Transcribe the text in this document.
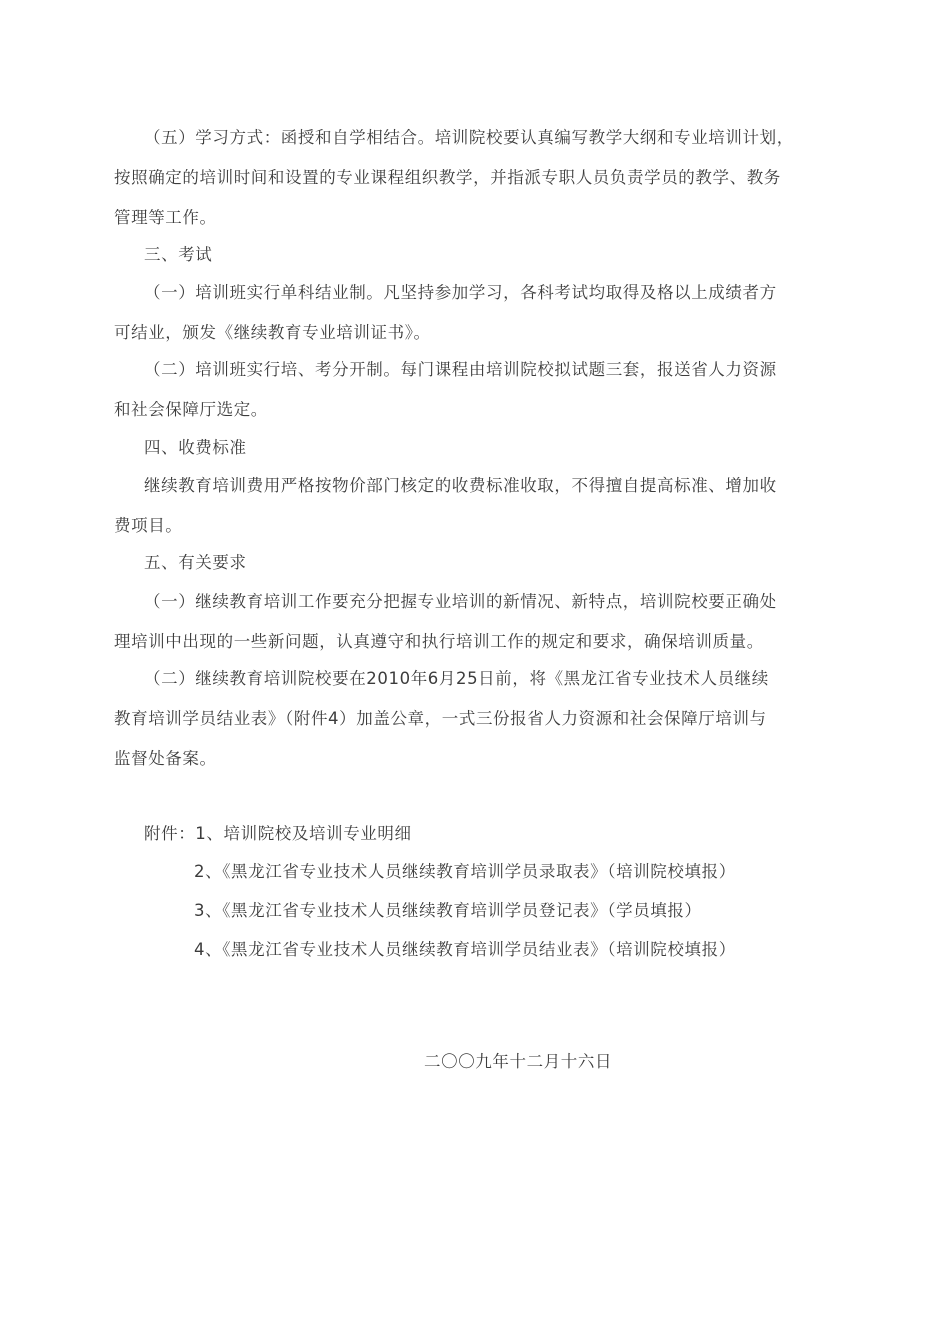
（五）学习方式：函授和自学相结合。培训院校要认真编写教学大纲和专业培训计划，
按照确定的培训时间和设置的专业课程组织教学，并指派专职人员负责学员的教学、教务
管理等工作。
三、考试
（一）培训班实行单科结业制。凡坚持参加学习，各科考试均取得及格以上成绩者方
可结业，颁发《继续教育专业培训证书》。
（二）培训班实行培、考分开制。每门课程由培训院校拟试题三套，报送省人力资源
和社会保障厅选定。
四、收费标准
继续教育培训费用严格按物价部门核定的收费标准收取，不得擅自提高标准、增加收
费项目。
五、有关要求
（一）继续教育培训工作要充分把握专业培训的新情况、新特点，培训院校要正确处
理培训中出现的一些新问题，认真遵守和执行培训工作的规定和要求，确保培训质量。
（二）继续教育培训院校要在2010年6月25日前，将《黑龙江省专业技术人员继续
教育培训学员结业表》（附件4）加盖公章，一式三份报省人力资源和社会保障厅培训与
监督处备案。
附件：1、培训院校及培训专业明细
2、《黑龙江省专业技术人员继续教育培训学员录取表》（培训院校填报）
3、《黑龙江省专业技术人员继续教育培训学员登记表》（学员填报）
4、《黑龙江省专业技术人员继续教育培训学员结业表》（培训院校填报）
二〇〇九年十二月十六日
